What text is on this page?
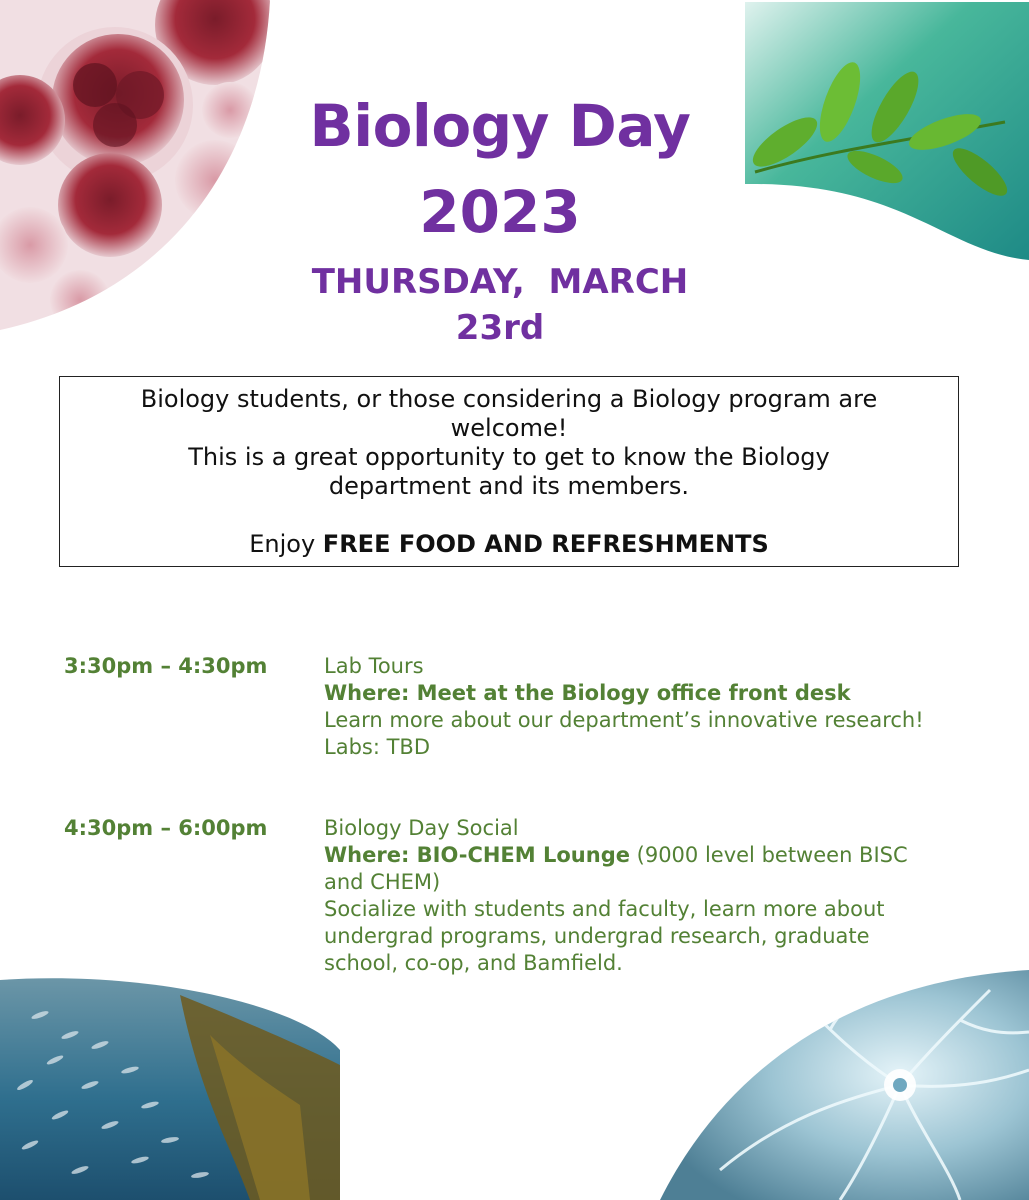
Biology Day
2023
THURSDAY,  MARCH
23rd

Biology students, or those considering a Biology program are welcome!

This is a great opportunity to get to know the Biology department and its members.

Enjoy FREE FOOD AND REFRESHMENTS

3:30pm – 4:30pm	Lab Tours

Where: Meet at the Biology office front desk

Learn more about our department’s innovative research!

Labs: TBD

4:30pm – 6:00pm	Biology Day Social

Where: BIO-CHEM Lounge (9000 level between BISC and CHEM)

Socialize with students and faculty, learn more about undergrad programs, undergrad research, graduate school, co-op, and Bamfield.
